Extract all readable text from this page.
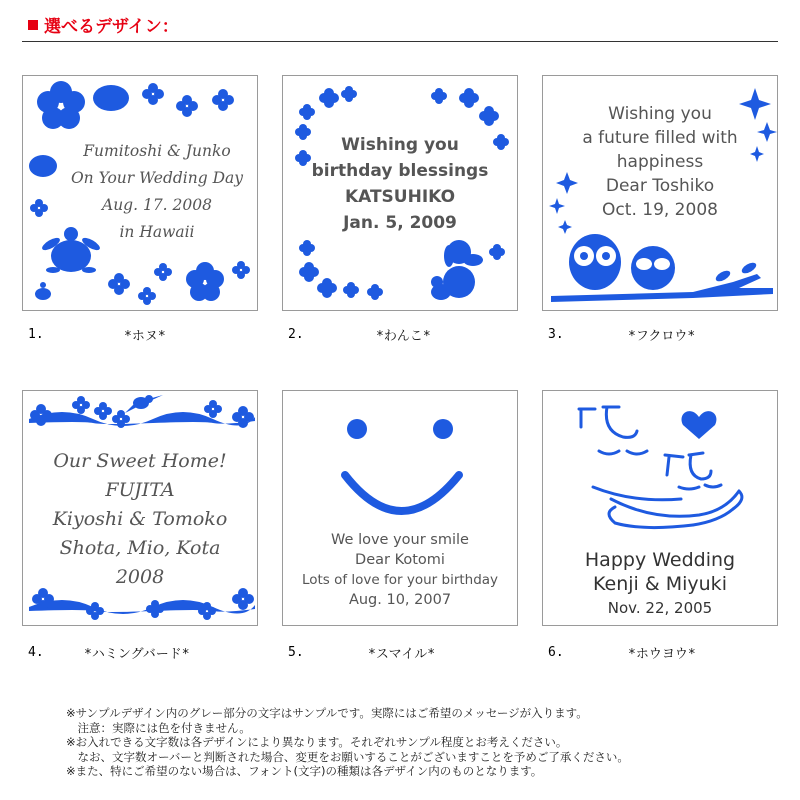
選べるデザイン：
Fumitoshi & Junko
On Your Wedding Day
Aug. 17. 2008
in Hawaii
Wishing you
birthday blessings
KATSUHIKO
Jan. 5, 2009
Wishing you
a future filled with
happiness
Dear Toshiko
Oct. 19, 2008
Our Sweet Home!
FUJITA
Kiyoshi & Tomoko
Shota, Mio, Kota
2008
We love your smile
Dear Kotomi
Lots of love for your birthday
Aug. 10, 2007
Happy Wedding
Kenji & Miyuki
Nov. 22, 2005
1.	*ホヌ*	2.	*わんこ*	3.	*フクロウ*
4.	*ハミングバード*	5.	*スマイル*	6.	*ホウヨウ*
※サンプルデザイン内のグレー部分の文字はサンプルです。実際にはご希望のメッセージが入ります。
　注意：実際には色を付きません。
※お入れできる文字数は各デザインにより異なります。それぞれサンプル程度とお考えください。
　なお、文字数オーバーと判断された場合、変更をお願いすることがございますことを予めご了承ください。
※また、特にご希望のない場合は、フォント(文字)の種類は各デザイン内のものとなります。
